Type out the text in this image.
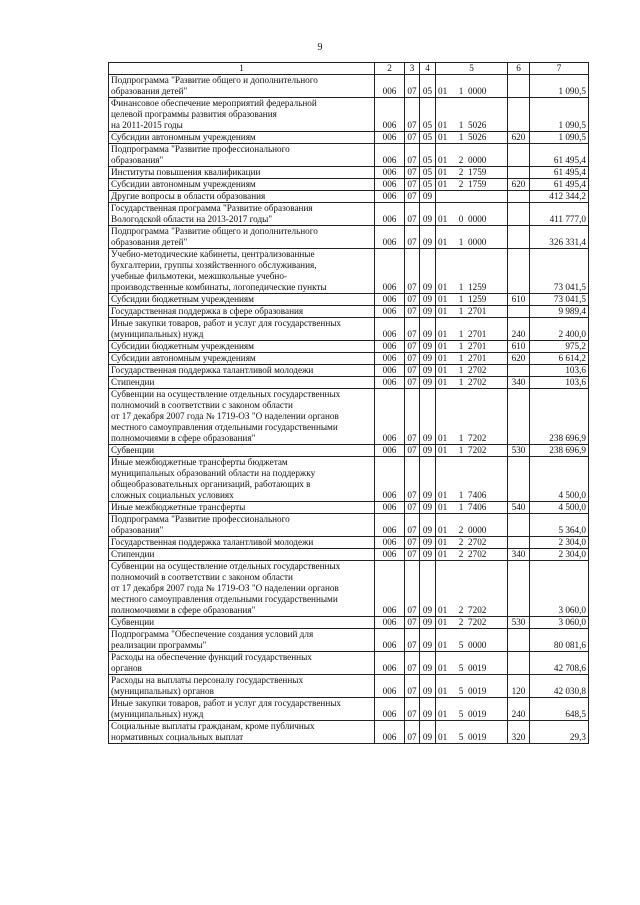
9
1	2	3	4	5	6	7
Подпрограмма "Развитие общего и дополнительного
образования детей"	006	07	05	01 1 0000		1 090,5
Финансовое обеспечение мероприятий федеральной
целевой программы развития образования
на 2011-2015 годы	006	07	05	01 1 5026		1 090,5
Субсидии автономным учреждениям	006	07	05	01 1 5026	620	1 090,5
Подпрограмма "Развитие профессионального
образования"	006	07	05	01 2 0000		61 495,4
Институты повышения квалификации	006	07	05	01 2 1759		61 495,4
Субсидии автономным учреждениям	006	07	05	01 2 1759	620	61 495,4
Другие вопросы в области образования	006	07	09			412 344,2
Государственная программа "Развитие образования
Вологодской области на 2013-2017 годы"	006	07	09	01 0 0000		411 777,0
Подпрограмма "Развитие общего и дополнительного
образования детей"	006	07	09	01 1 0000		326 331,4
Учебно-методические кабинеты, централизованные
бухгалтерии, группы хозяйственного обслуживания,
учебные фильмотеки, межшкольные учебно-
производственные комбинаты, логопедические пункты	006	07	09	01 1 1259		73 041,5
Субсидии бюджетным учреждениям	006	07	09	01 1 1259	610	73 041,5
Государственная поддержка в сфере образования	006	07	09	01 1 2701		9 989,4
Иные закупки товаров, работ и услуг для государственных
(муниципальных) нужд	006	07	09	01 1 2701	240	2 400,0
Субсидии бюджетным учреждениям	006	07	09	01 1 2701	610	975,2
Субсидии автономным учреждениям	006	07	09	01 1 2701	620	6 614,2
Государственная поддержка талантливой молодежи	006	07	09	01 1 2702		103,6
Стипендии	006	07	09	01 1 2702	340	103,6
Субвенции на осуществление отдельных государственных
полномочий в соответствии с законом области
от 17 декабря 2007 года № 1719-ОЗ "О наделении органов
местного самоуправления отдельными государственными
полномочиями в сфере образования"	006	07	09	01 1 7202		238 696,9
Субвенции	006	07	09	01 1 7202	530	238 696,9
Иные межбюджетные трансферты бюджетам
муниципальных образований области на поддержку
общеобразовательных организаций, работающих в
сложных социальных условиях	006	07	09	01 1 7406		4 500,0
Иные межбюджетные трансферты	006	07	09	01 1 7406	540	4 500,0
Подпрограмма "Развитие профессионального
образования"	006	07	09	01 2 0000		5 364,0
Государственная поддержка талантливой молодежи	006	07	09	01 2 2702		2 304,0
Стипендии	006	07	09	01 2 2702	340	2 304,0
Субвенции на осуществление отдельных государственных
полномочий в соответствии с законом области
от 17 декабря 2007 года № 1719-ОЗ "О наделении органов
местного самоуправления отдельными государственными
полномочиями в сфере образования"	006	07	09	01 2 7202		3 060,0
Субвенции	006	07	09	01 2 7202	530	3 060,0
Подпрограмма "Обеспечение создания условий для
реализации программы"	006	07	09	01 5 0000		80 081,6
Расходы на обеспечение функций государственных
органов	006	07	09	01 5 0019		42 708,6
Расходы на выплаты персоналу государственных
(муниципальных) органов	006	07	09	01 5 0019	120	42 030,8
Иные закупки товаров, работ и услуг для государственных
(муниципальных) нужд	006	07	09	01 5 0019	240	648,5
Социальные выплаты гражданам, кроме публичных
нормативных социальных выплат	006	07	09	01 5 0019	320	29,3
